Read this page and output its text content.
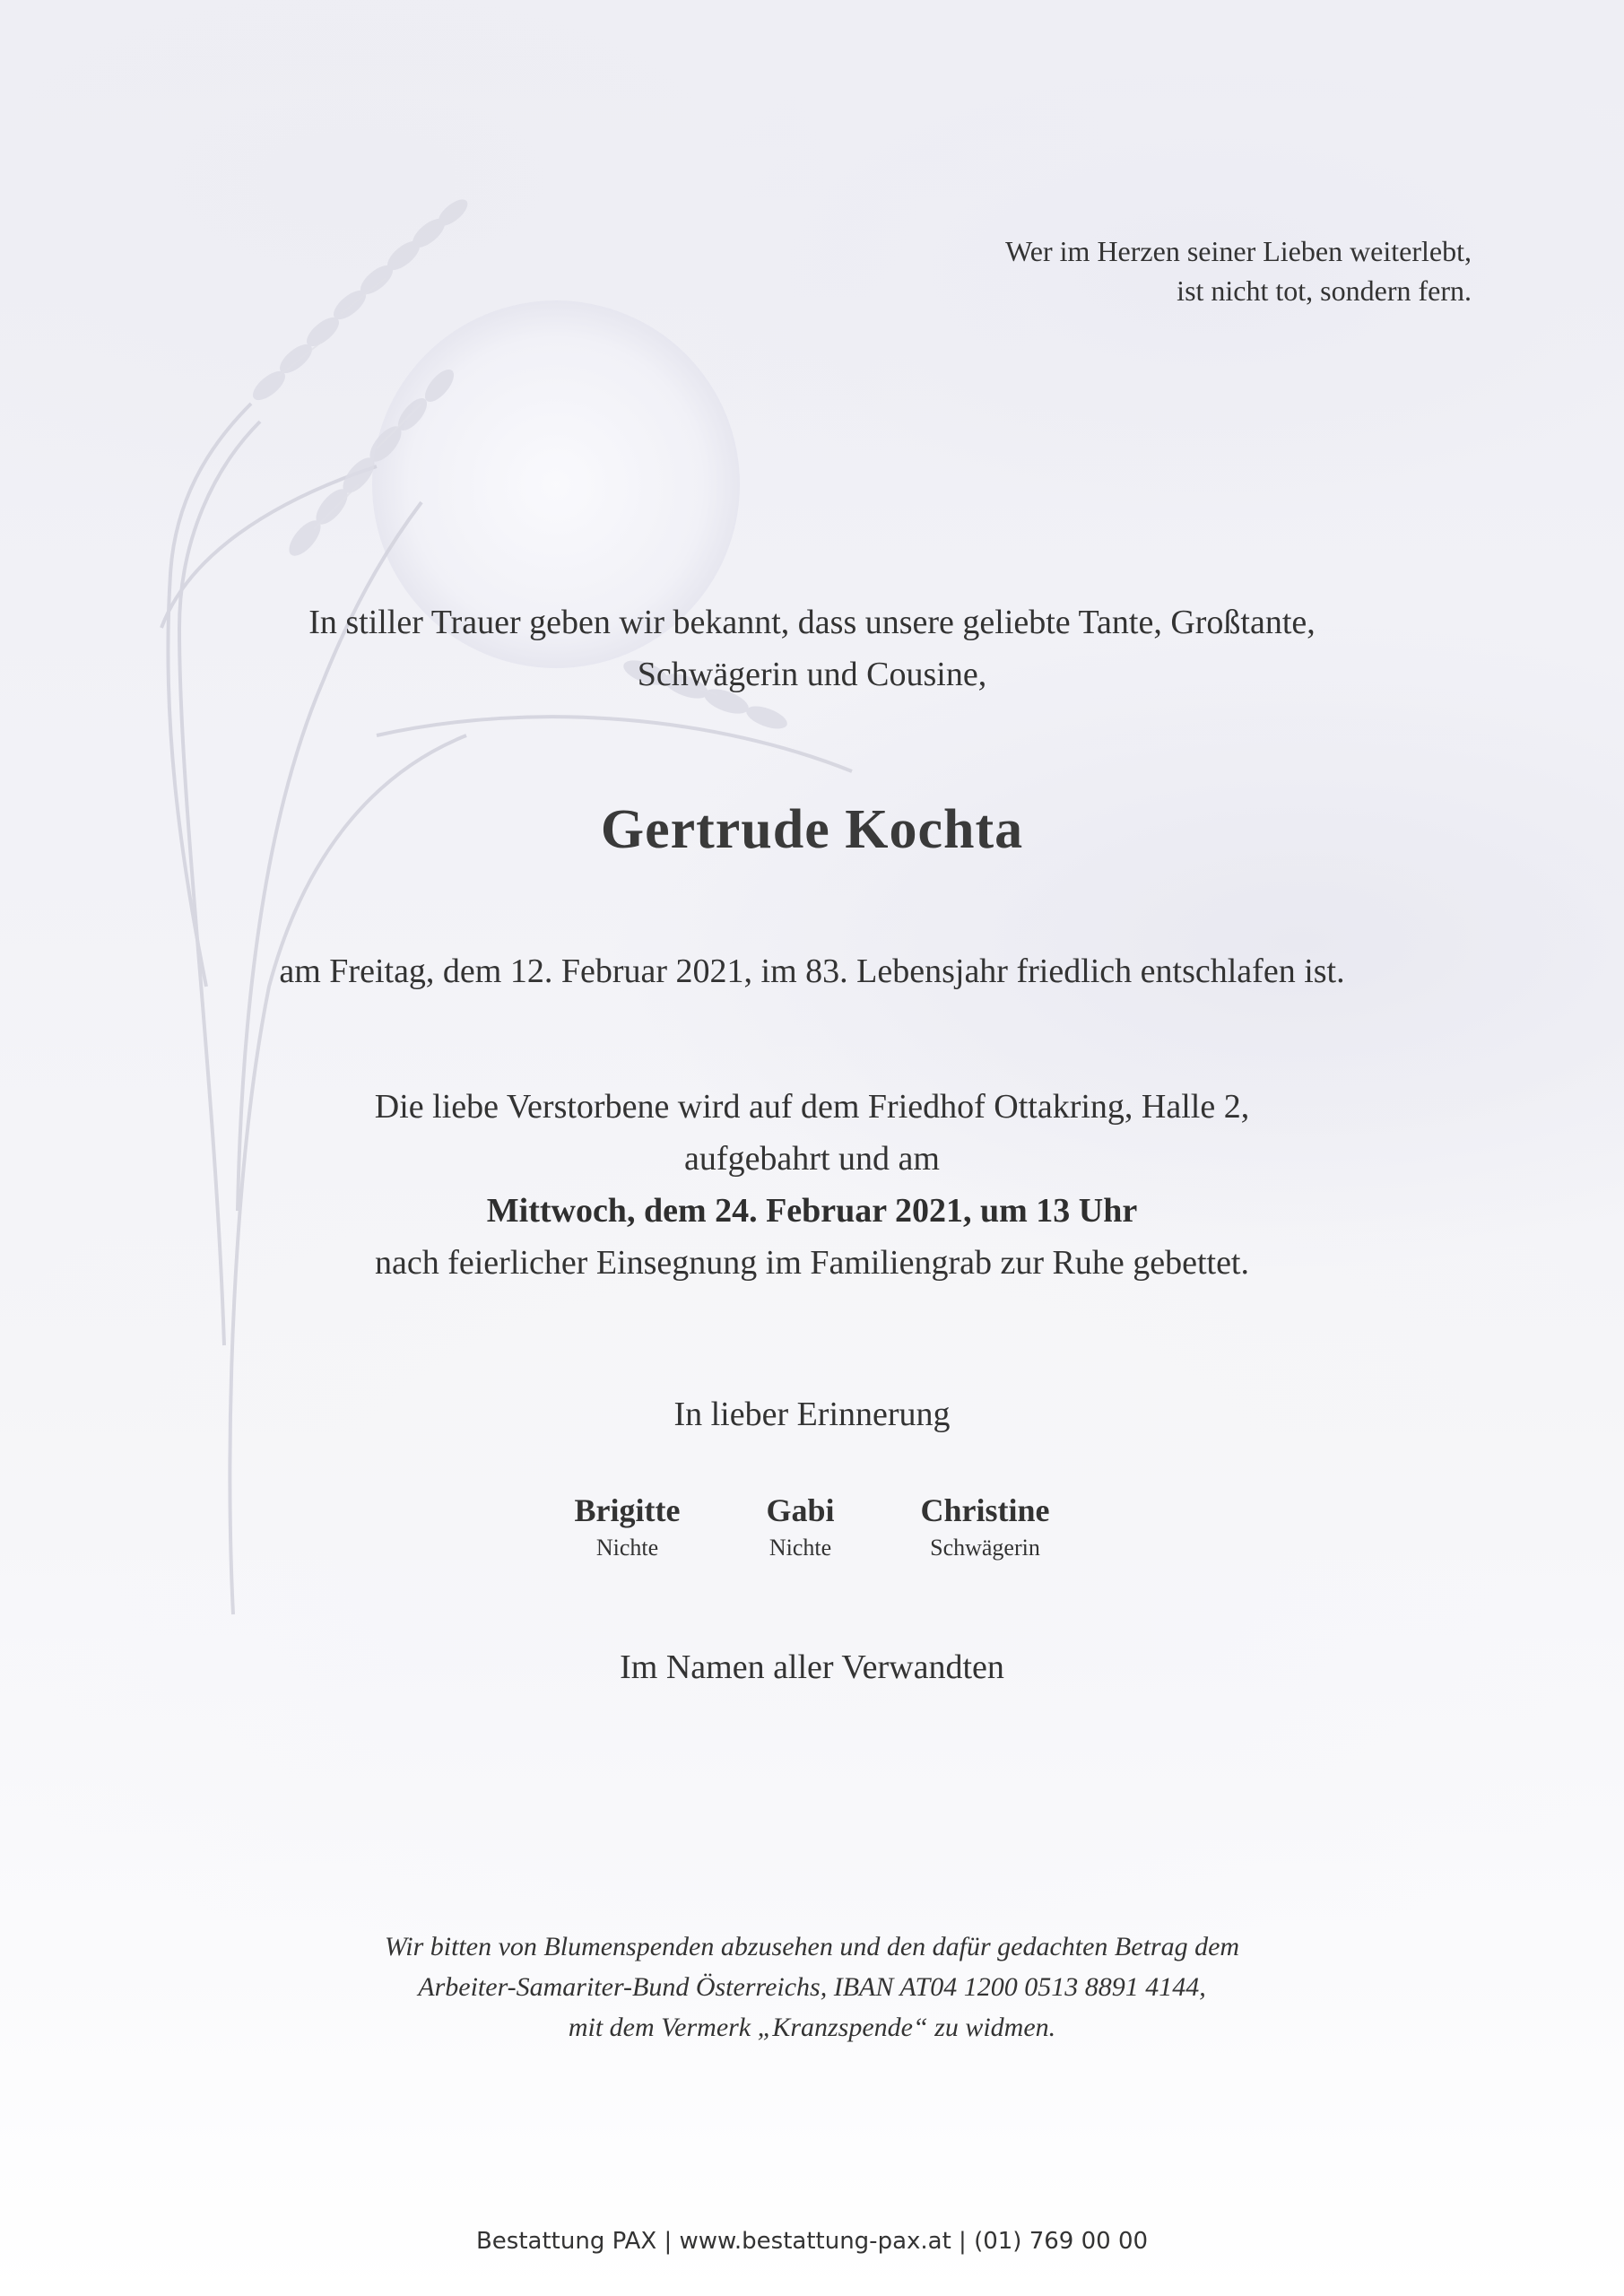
Wer im Herzen seiner Lieben weiterlebt,
ist nicht tot, sondern fern.
In stiller Trauer geben wir bekannt, dass unsere geliebte Tante, Großtante,
Schwägerin und Cousine,
Gertrude Kochta
am Freitag, dem 12. Februar 2021, im 83. Lebensjahr friedlich entschlafen ist.
Die liebe Verstorbene wird auf dem Friedhof Ottakring, Halle 2,
aufgebahrt und am
Mittwoch, dem 24. Februar 2021, um 13 Uhr
nach feierlicher Einsegnung im Familiengrab zur Ruhe gebettet.
In lieber Erinnerung
Brigitte
Nichte
Gabi
Nichte
Christine
Schwägerin
Im Namen aller Verwandten
Wir bitten von Blumenspenden abzusehen und den dafür gedachten Betrag dem
Arbeiter-Samariter-Bund Österreichs, IBAN AT04 1200 0513 8891 4144,
mit dem Vermerk „Kranzspende“ zu widmen.
Bestattung PAX | www.bestattung-pax.at | (01) 769 00 00
